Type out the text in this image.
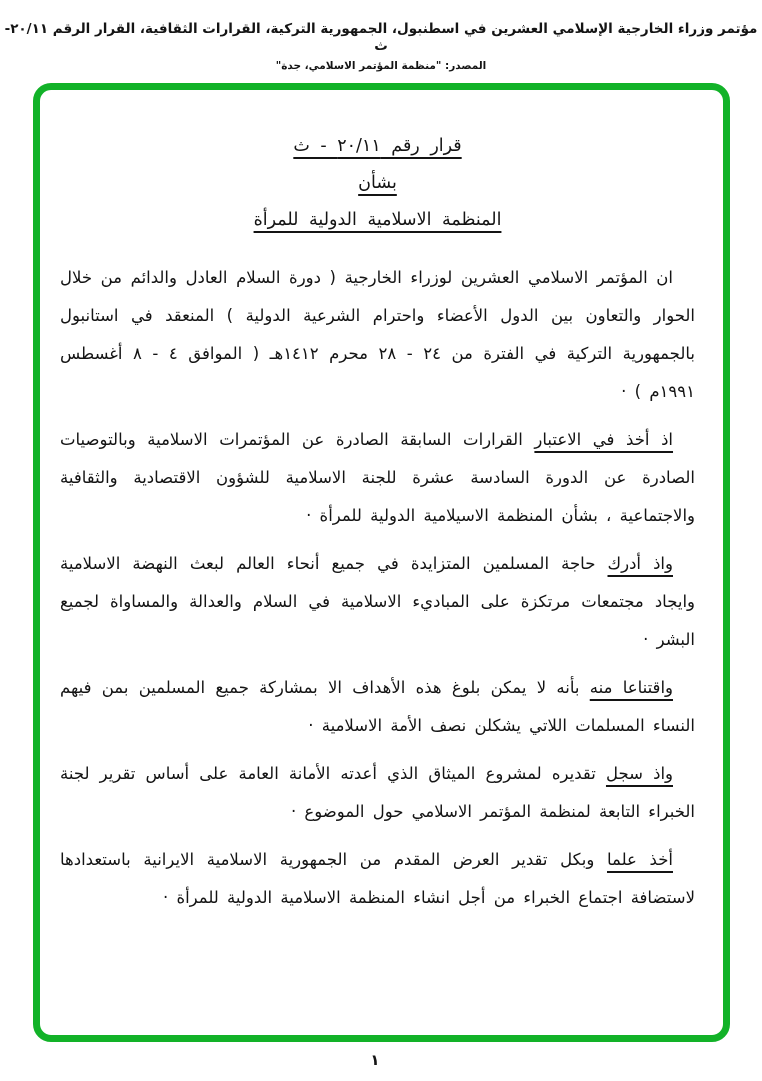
مؤتمر وزراء الخارجية الإسلامي العشرين في اسطنبول، الجمهورية التركية، القرارات الثقافية، القرار الرقم ٢٠/١١-ث
المصدر: "منظمة المؤتمر الاسلامي، جدة"
قرار رقم ٢٠/١١ - ث
بشأن
المنظمة الاسلامية الدولية للمرأة

ان المؤتمر الاسلامي العشرين لوزراء الخارجية ( دورة السلام العادل والدائم من خلال الحوار والتعاون بين الدول الأعضاء واحترام الشرعية الدولية ) المنعقد في استانبول بالجمهورية التركية في الفترة من ٢٤ - ٢٨ محرم ١٤١٢هـ ( الموافق ٤ - ٨ أغسطس ١٩٩١م ) ·

اذ أخذ في الاعتبار القرارات السابقة الصادرة عن المؤتمرات الاسلامية وبالتوصيات الصادرة عن الدورة السادسة عشرة للجنة الاسلامية للشؤون الاقتصادية والثقافية والاجتماعية ، بشأن المنظمة الاسيلامية الدولية للمرأة ·

واذ أدرك حاجة المسلمين المتزايدة في جميع أنحاء العالم لبعث النهضة الاسلامية وايجاد مجتمعات مرتكزة على المباديء الاسلامية في السلام والعدالة والمساواة لجميع البشر ·

واقتناعا منه بأنه لا يمكن بلوغ هذه الأهداف الا بمشاركة جميع المسلمين بمن فيهم النساء المسلمات اللاتي يشكلن نصف الأمة الاسلامية ·

واذ سجل تقديره لمشروع الميثاق الذي أعدته الأمانة العامة على أساس تقرير لجنة الخبراء التابعة لمنظمة المؤتمر الاسلامي حول الموضوع ·

أخذ علما وبكل تقدير العرض المقدم من الجمهورية الاسلامية الايرانية باستعدادها لاستضافة اجتماع الخبراء من أجل انشاء المنظمة الاسلامية الدولية للمرأة ·

١
